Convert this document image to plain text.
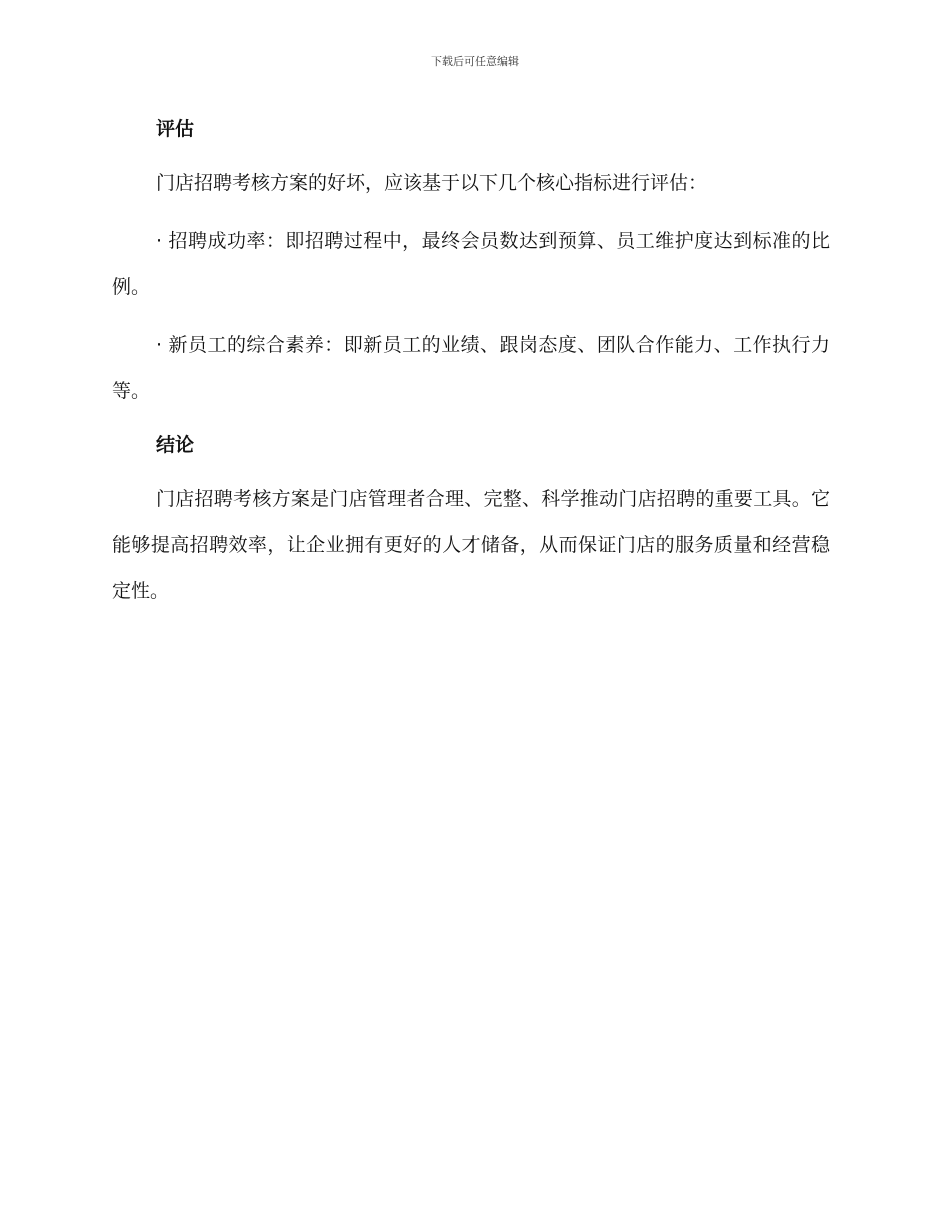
下载后可任意编辑
评估

门店招聘考核方案的好坏，应该基于以下几个核心指标进行评估：

· 招聘成功率：即招聘过程中，最终会员数达到预算、员工维护度达到标准的比例。

· 新员工的综合素养：即新员工的业绩、跟岗态度、团队合作能力、工作执行力等。

结论

门店招聘考核方案是门店管理者合理、完整、科学推动门店招聘的重要工具。它能够提高招聘效率，让企业拥有更好的人才储备，从而保证门店的服务质量和经营稳定性。
